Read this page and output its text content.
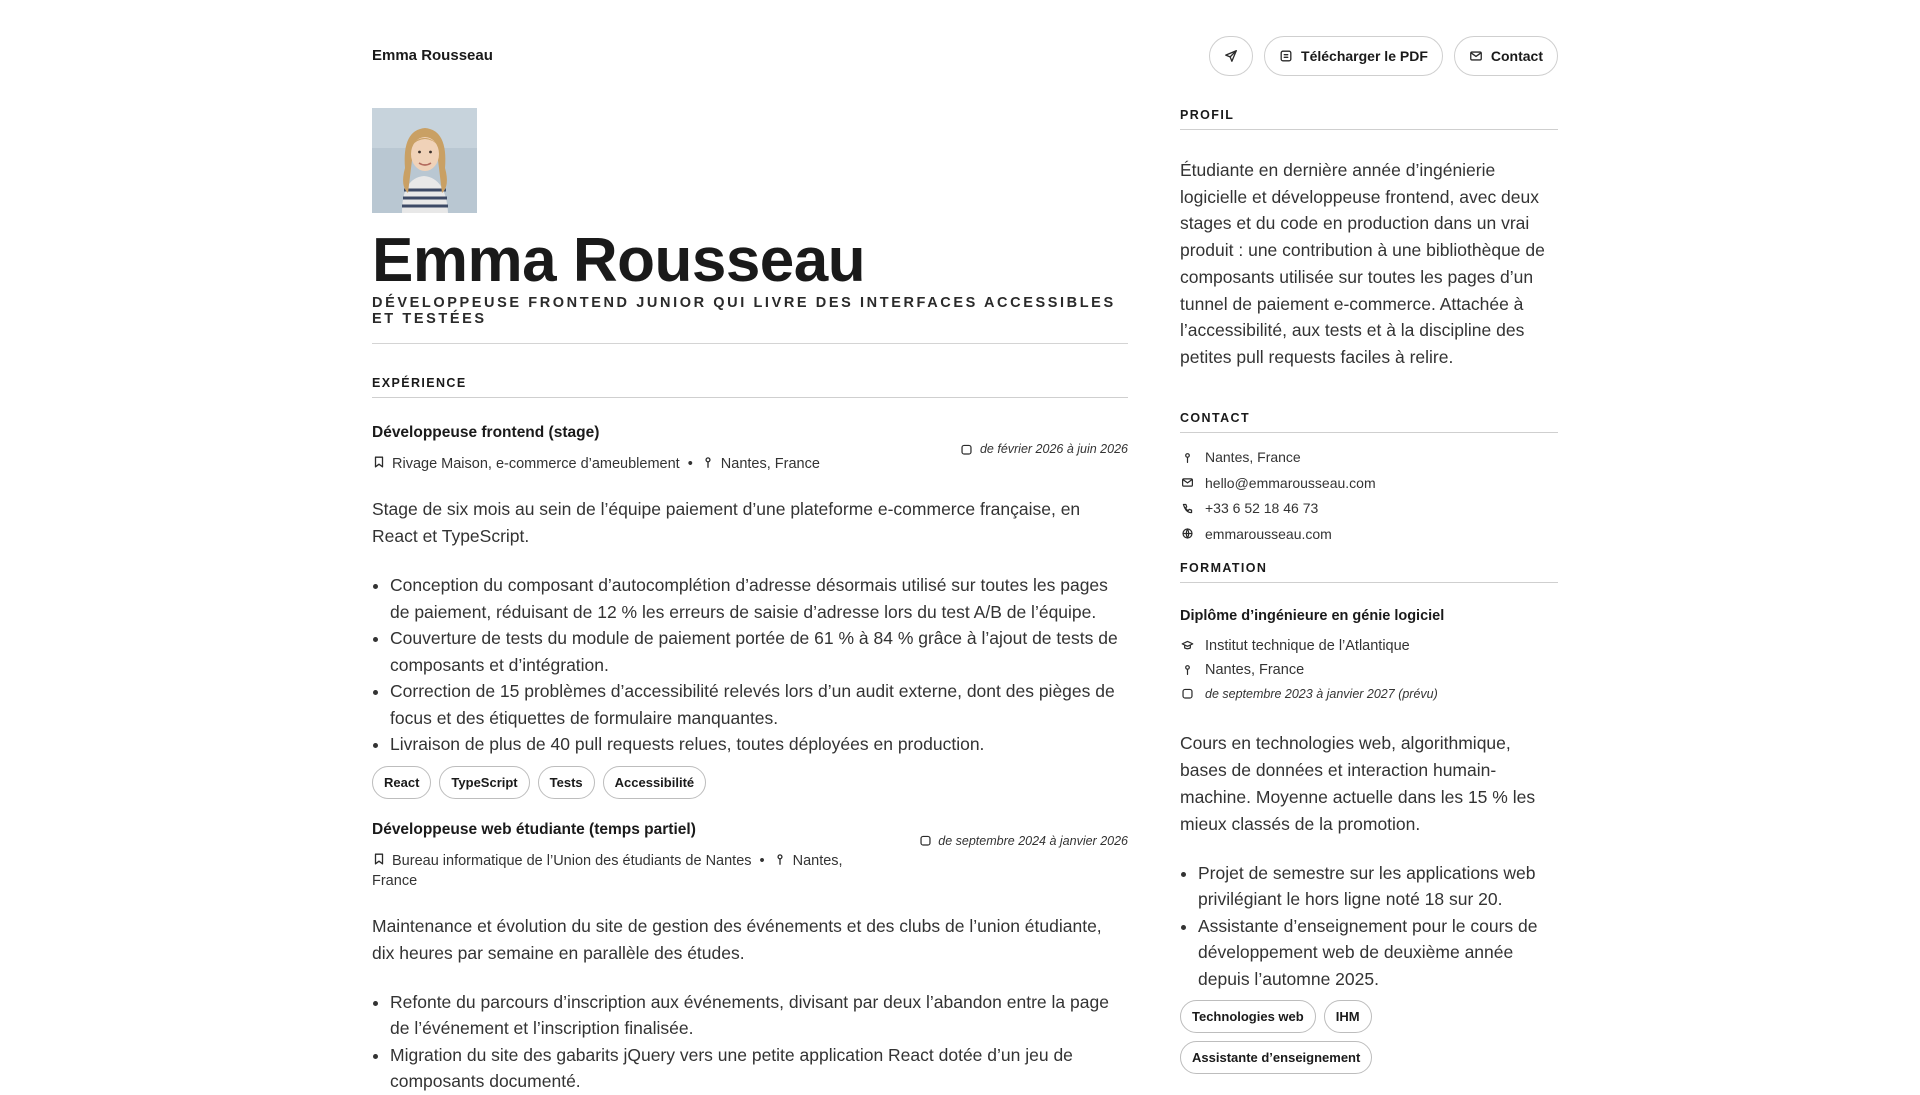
Emma Rousseau	Télécharger le PDF	Contact
Emma Rousseau
DÉVELOPPEUSE FRONTEND JUNIOR QUI LIVRE DES INTERFACES ACCESSIBLES ET TESTÉES
EXPÉRIENCE
Développeuse frontend (stage)
de février 2026 à juin 2026
Rivage Maison, e-commerce d’ameublement • Nantes, France
Stage de six mois au sein de l’équipe paiement d’une plateforme e-commerce française, en React et TypeScript.
• Conception du composant d’autocomplétion d’adresse désormais utilisé sur toutes les pages de paiement, réduisant de 12 % les erreurs de saisie d’adresse lors du test A/B de l’équipe.
• Couverture de tests du module de paiement portée de 61 % à 84 % grâce à l’ajout de tests de composants et d’intégration.
• Correction de 15 problèmes d’accessibilité relevés lors d’un audit externe, dont des pièges de focus et des étiquettes de formulaire manquantes.
• Livraison de plus de 40 pull requests relues, toutes déployées en production.
React	TypeScript	Tests	Accessibilité
Développeuse web étudiante (temps partiel)
de septembre 2024 à janvier 2026
Bureau informatique de l’Union des étudiants de Nantes • Nantes, France
Maintenance et évolution du site de gestion des événements et des clubs de l’union étudiante, dix heures par semaine en parallèle des études.
• Refonte du parcours d’inscription aux événements, divisant par deux l’abandon entre la page de l’événement et l’inscription finalisée.
• Migration du site des gabarits jQuery vers une petite application React dotée d’un jeu de composants documenté.
PROFIL
Étudiante en dernière année d’ingénierie logicielle et développeuse frontend, avec deux stages et du code en production dans un vrai produit : une contribution à une bibliothèque de composants utilisée sur toutes les pages d’un tunnel de paiement e-commerce. Attachée à l’accessibilité, aux tests et à la discipline des petites pull requests faciles à relire.
CONTACT
Nantes, France
hello@emmarousseau.com
+33 6 52 18 46 73
emmarousseau.com
FORMATION
Diplôme d’ingénieure en génie logiciel
Institut technique de l’Atlantique
Nantes, France
de septembre 2023 à janvier 2027 (prévu)
Cours en technologies web, algorithmique, bases de données et interaction humain-machine. Moyenne actuelle dans les 15 % les mieux classés de la promotion.
• Projet de semestre sur les applications web privilégiant le hors ligne noté 18 sur 20.
• Assistante d’enseignement pour le cours de développement web de deuxième année depuis l’automne 2025.
Technologies web	IHM
Assistante d’enseignement
